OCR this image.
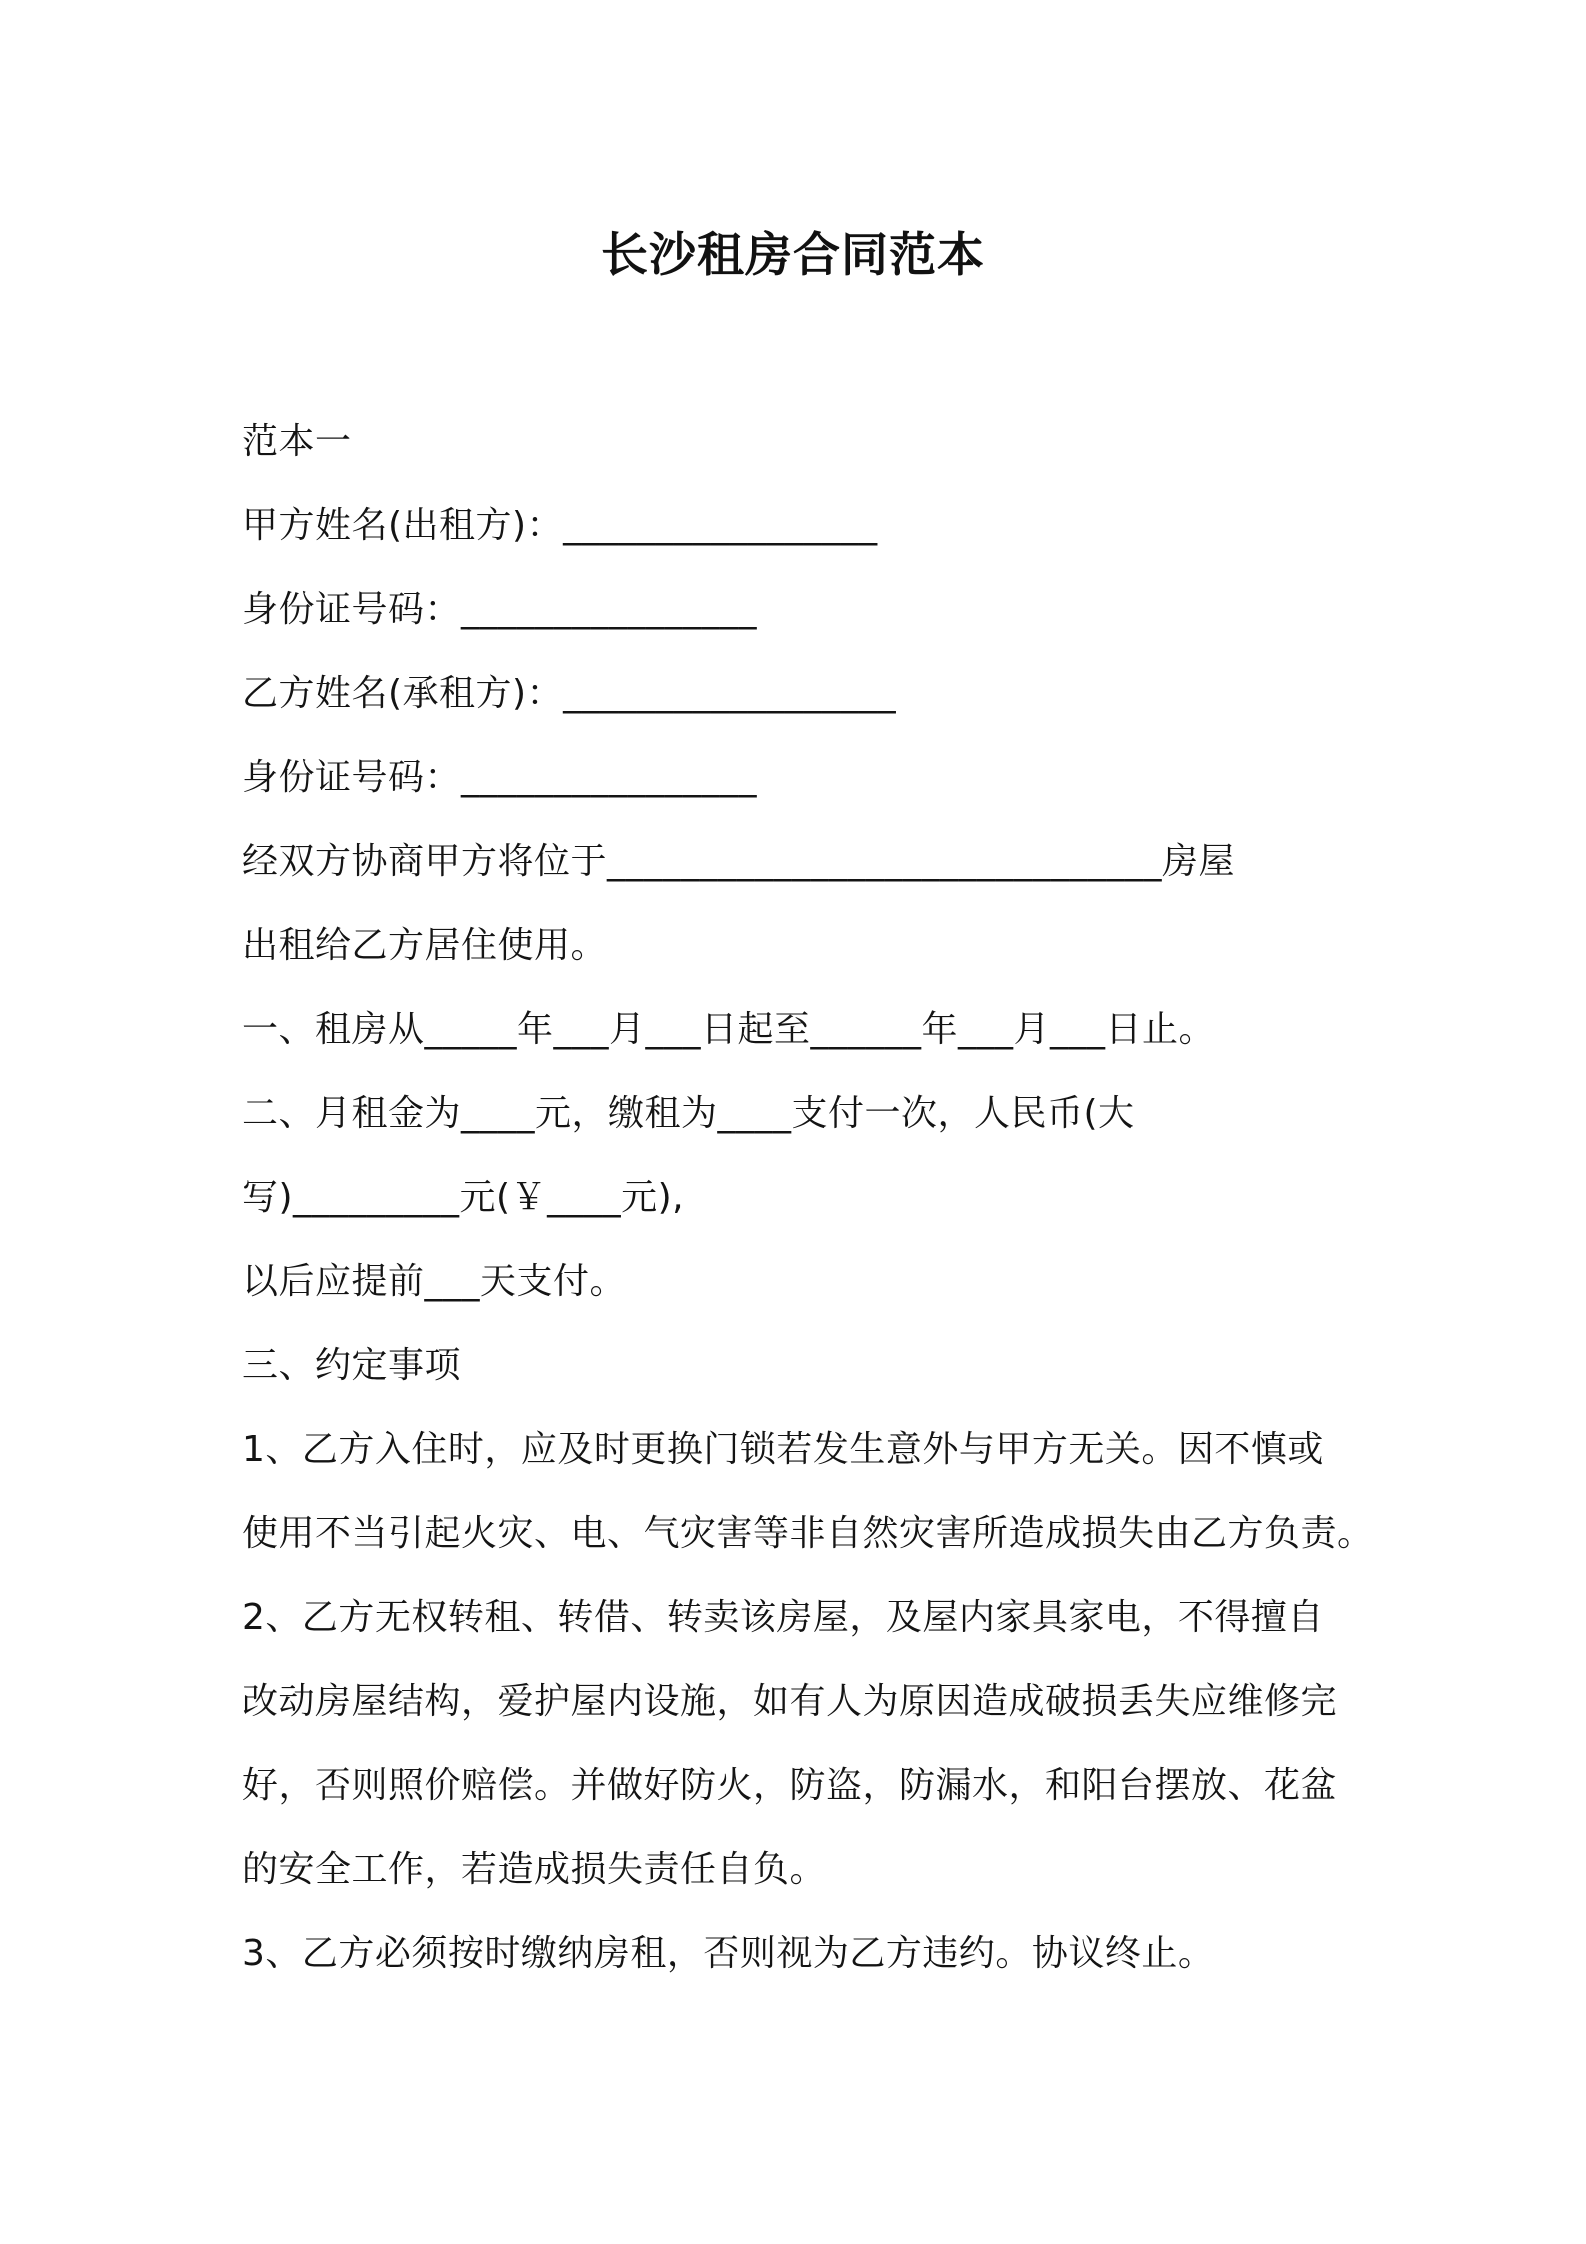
长沙租房合同范本
范本一
甲方姓名(出租方)：_________________
身份证号码：________________
乙方姓名(承租方)：__________________
身份证号码：________________
经双方协商甲方将位于______________________________房屋
出租给乙方居住使用。
一、租房从_____年___月___日起至______年___月___日止。
二、月租金为____元，缴租为____支付一次，人民币(大
写)_________元(￥____元),
以后应提前___天支付。
三、约定事项
1、乙方入住时，应及时更换门锁若发生意外与甲方无关。因不慎或
使用不当引起火灾、电、气灾害等非自然灾害所造成损失由乙方负责。
2、乙方无权转租、转借、转卖该房屋，及屋内家具家电，不得擅自
改动房屋结构，爱护屋内设施，如有人为原因造成破损丢失应维修完
好，否则照价赔偿。并做好防火，防盗，防漏水，和阳台摆放、花盆
的安全工作，若造成损失责任自负。
3、乙方必须按时缴纳房租，否则视为乙方违约。协议终止。
